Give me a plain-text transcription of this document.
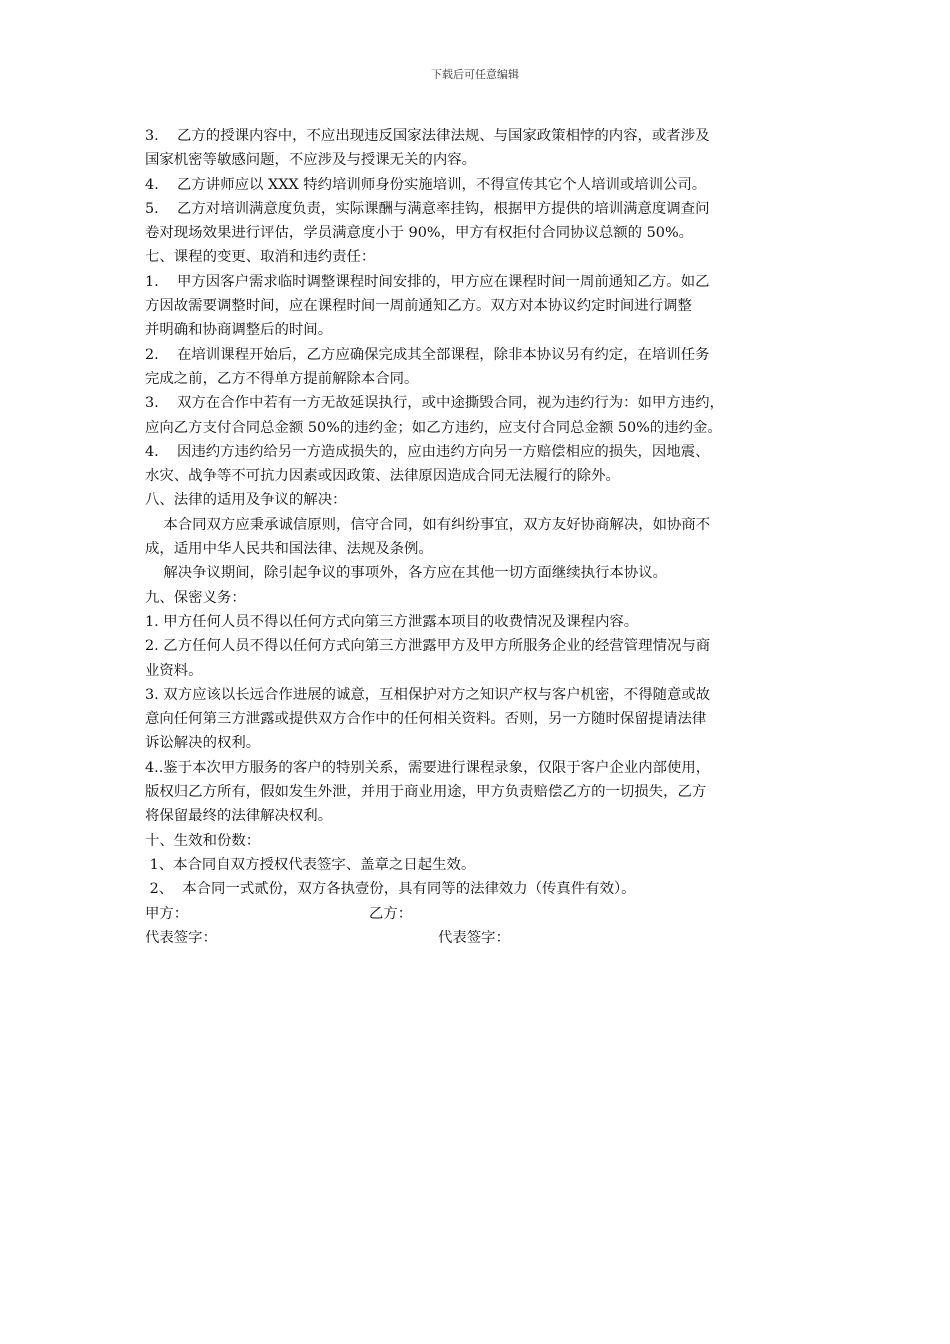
下载后可任意编辑

3.    乙方的授课内容中，不应出现违反国家法律法规、与国家政策相悖的内容，或者涉及

国家机密等敏感问题，不应涉及与授课无关的内容。

4.    乙方讲师应以 XXX 特约培训师身份实施培训，不得宣传其它个人培训或培训公司。

5.    乙方对培训满意度负责，实际课酬与满意率挂钩，根据甲方提供的培训满意度调查问

卷对现场效果进行评估，学员满意度小于 90%，甲方有权拒付合同协议总额的 50%。

七、课程的变更、取消和违约责任：

1.    甲方因客户需求临时调整课程时间安排的，甲方应在课程时间一周前通知乙方。如乙

方因故需要调整时间，应在课程时间一周前通知乙方。双方对本协议约定时间进行调整

并明确和协商调整后的时间。

2.    在培训课程开始后，乙方应确保完成其全部课程，除非本协议另有约定，在培训任务

完成之前，乙方不得单方提前解除本合同。

3.    双方在合作中若有一方无故延误执行，或中途撕毁合同，视为违约行为：如甲方违约，

应向乙方支付合同总金额 50%的违约金；如乙方违约，应支付合同总金额 50%的违约金。

4.    因违约方违约给另一方造成损失的，应由违约方向另一方赔偿相应的损失，因地震、

水灾、战争等不可抗力因素或因政策、法律原因造成合同无法履行的除外。

八、法律的适用及争议的解决：

本合同双方应秉承诚信原则，信守合同，如有纠纷事宜，双方友好协商解决，如协商不

成，适用中华人民共和国法律、法规及条例。

解决争议期间，除引起争议的事项外，各方应在其他一切方面继续执行本协议。

九、保密义务：

1. 甲方任何人员不得以任何方式向第三方泄露本项目的收费情况及课程内容。

2. 乙方任何人员不得以任何方式向第三方泄露甲方及甲方所服务企业的经营管理情况与商

业资料。

3. 双方应该以长远合作进展的诚意，互相保护对方之知识产权与客户机密，不得随意或故

意向任何第三方泄露或提供双方合作中的任何相关资料。否则，另一方随时保留提请法律

诉讼解决的权利。

4..鉴于本次甲方服务的客户的特别关系，需要进行课程录象，仅限于客户企业内部使用，

版权归乙方所有，假如发生外泄，并用于商业用途，甲方负责赔偿乙方的一切损失，乙方

将保留最终的法律解决权利。

十、生效和份数：

1、本合同自双方授权代表签字、盖章之日起生效。

2、  本合同一式贰份，双方各执壹份，具有同等的法律效力（传真件有效）。

甲方：	乙方：
代表签字：	代表签字：
